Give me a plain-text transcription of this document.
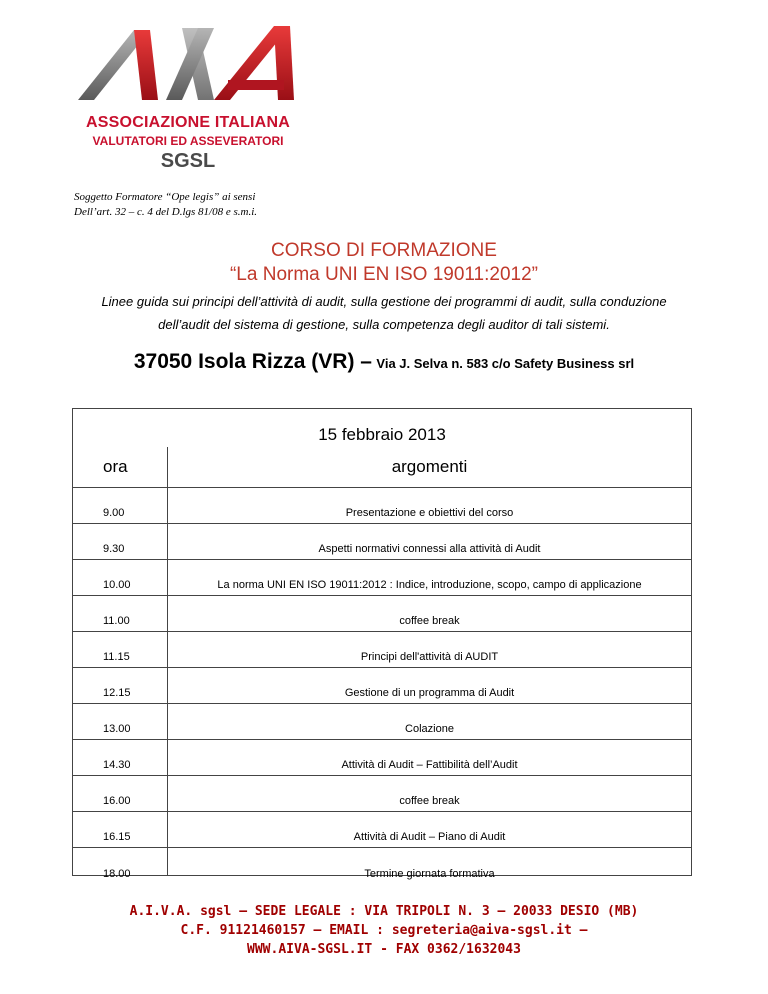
ASSOCIAZIONE ITALIANA
VALUTATORI ED ASSEVERATORI
SGSL
Soggetto Formatore “Ope legis” ai sensi
Dell’art. 32 – c. 4 del D.lgs 81/08 e s.m.i.
CORSO DI FORMAZIONE
“La Norma UNI EN ISO 19011:2012”
Linee guida sui principi dell’attività di audit, sulla gestione dei programmi di audit, sulla conduzione
dell’audit del sistema di gestione, sulla competenza degli auditor di tali sistemi.
37050 Isola Rizza (VR) – Via J. Selva n. 583 c/o Safety Business srl
15 febbraio 2013
ora	argomenti
9.00	Presentazione e obiettivi del corso
9.30	Aspetti normativi connessi alla attività di Audit
10.00	La norma UNI EN ISO 19011:2012 : Indice, introduzione, scopo, campo di applicazione
11.00	coffee break
11.15	Principi dell'attività di AUDIT
12.15	Gestione di un programma di Audit
13.00	Colazione
14.30	Attività di Audit – Fattibilità dell’Audit
16.00	coffee break
16.15	Attività di Audit – Piano di Audit
18.00	Termine giornata formativa
A.I.V.A. sgsl – SEDE LEGALE : VIA TRIPOLI N. 3 – 20033 DESIO (MB)
C.F. 91121460157 – EMAIL : segreteria@aiva-sgsl.it –
WWW.AIVA-SGSL.IT - FAX 0362/1632043
